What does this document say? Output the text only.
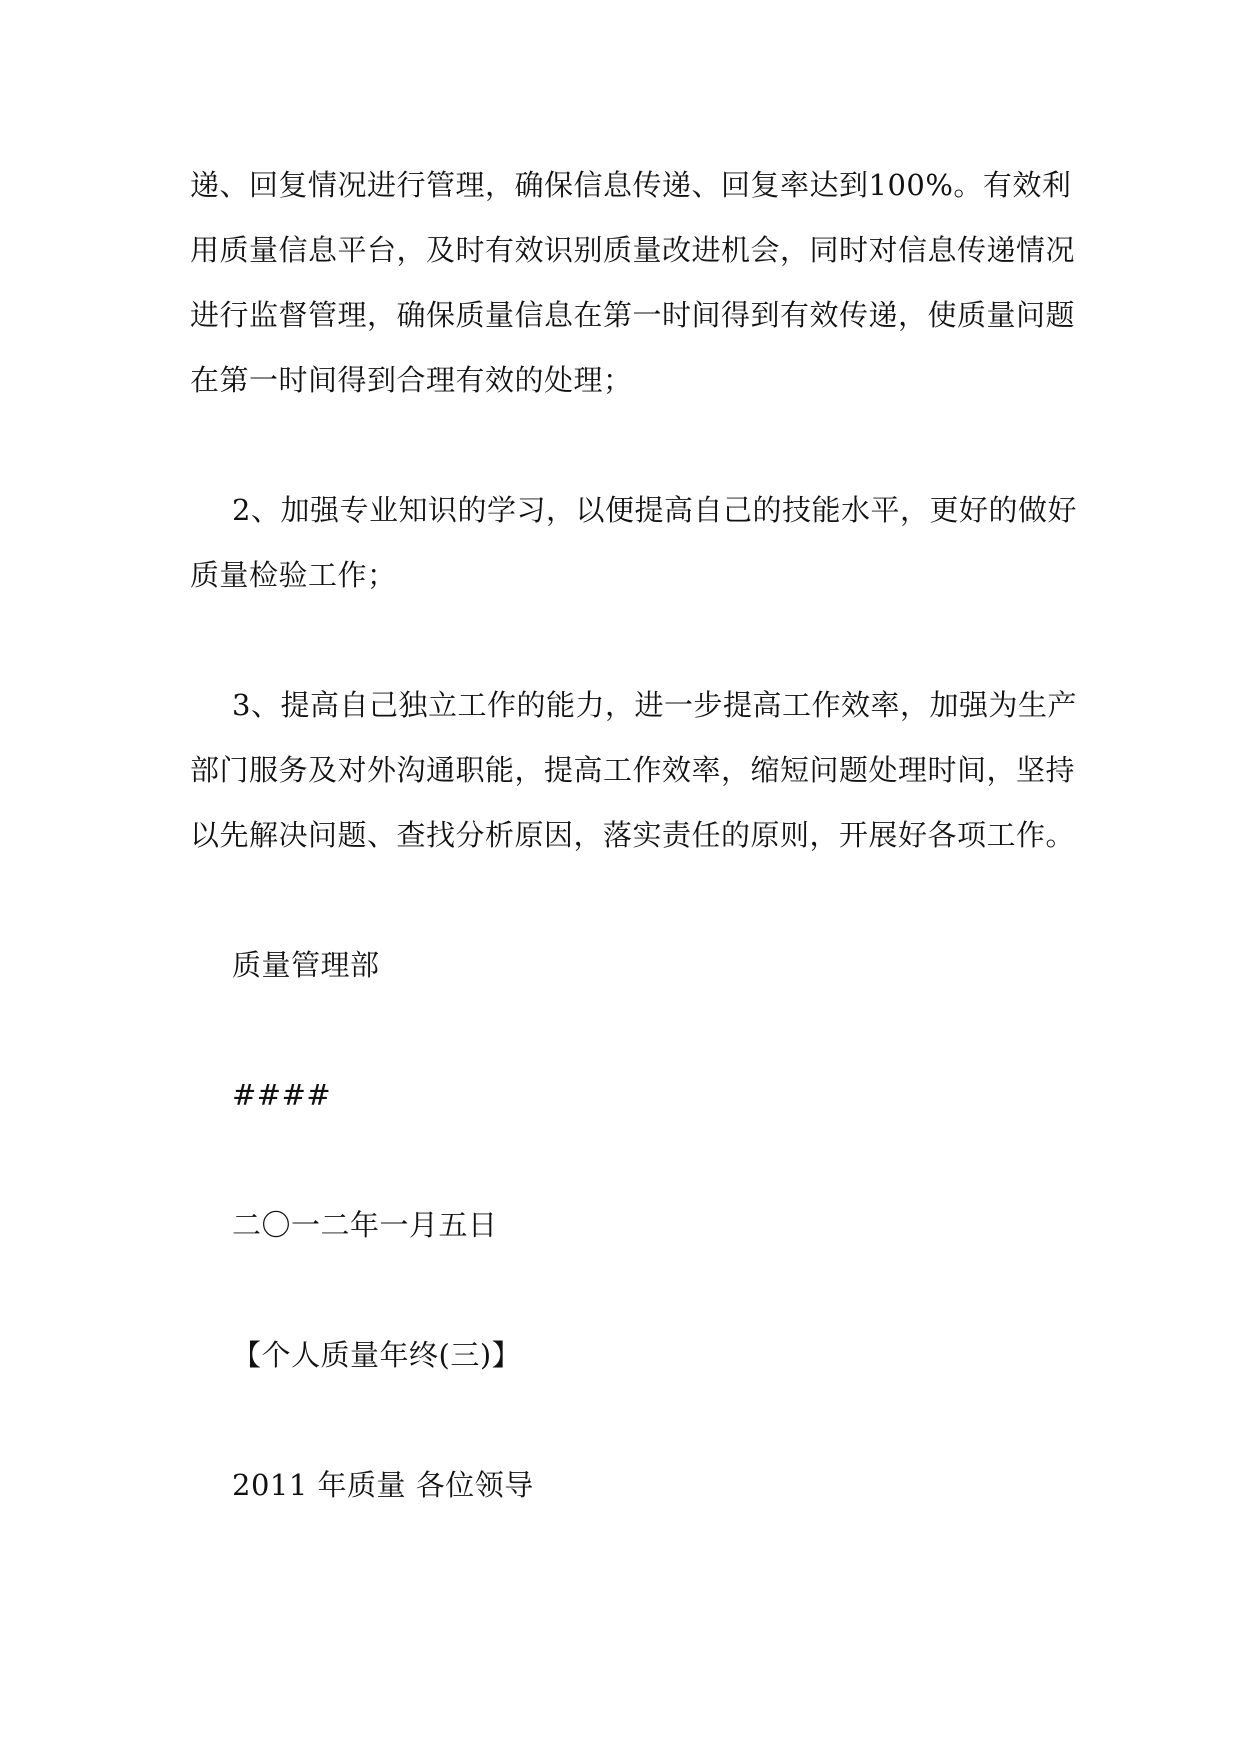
递、回复情况进行管理，确保信息传递、回复率达到100%。有效利
用质量信息平台，及时有效识别质量改进机会，同时对信息传递情况
进行监督管理，确保质量信息在第一时间得到有效传递，使质量问题
在第一时间得到合理有效的处理；
2、加强专业知识的学习，以便提高自己的技能水平，更好的做好
质量检验工作；
3、提高自己独立工作的能力，进一步提高工作效率，加强为生产
部门服务及对外沟通职能，提高工作效率，缩短问题处理时间，坚持
以先解决问题、查找分析原因，落实责任的原则，开展好各项工作。
质量管理部
####
二〇一二年一月五日
【个人质量年终(三)】
2011 年质量 各位领导
